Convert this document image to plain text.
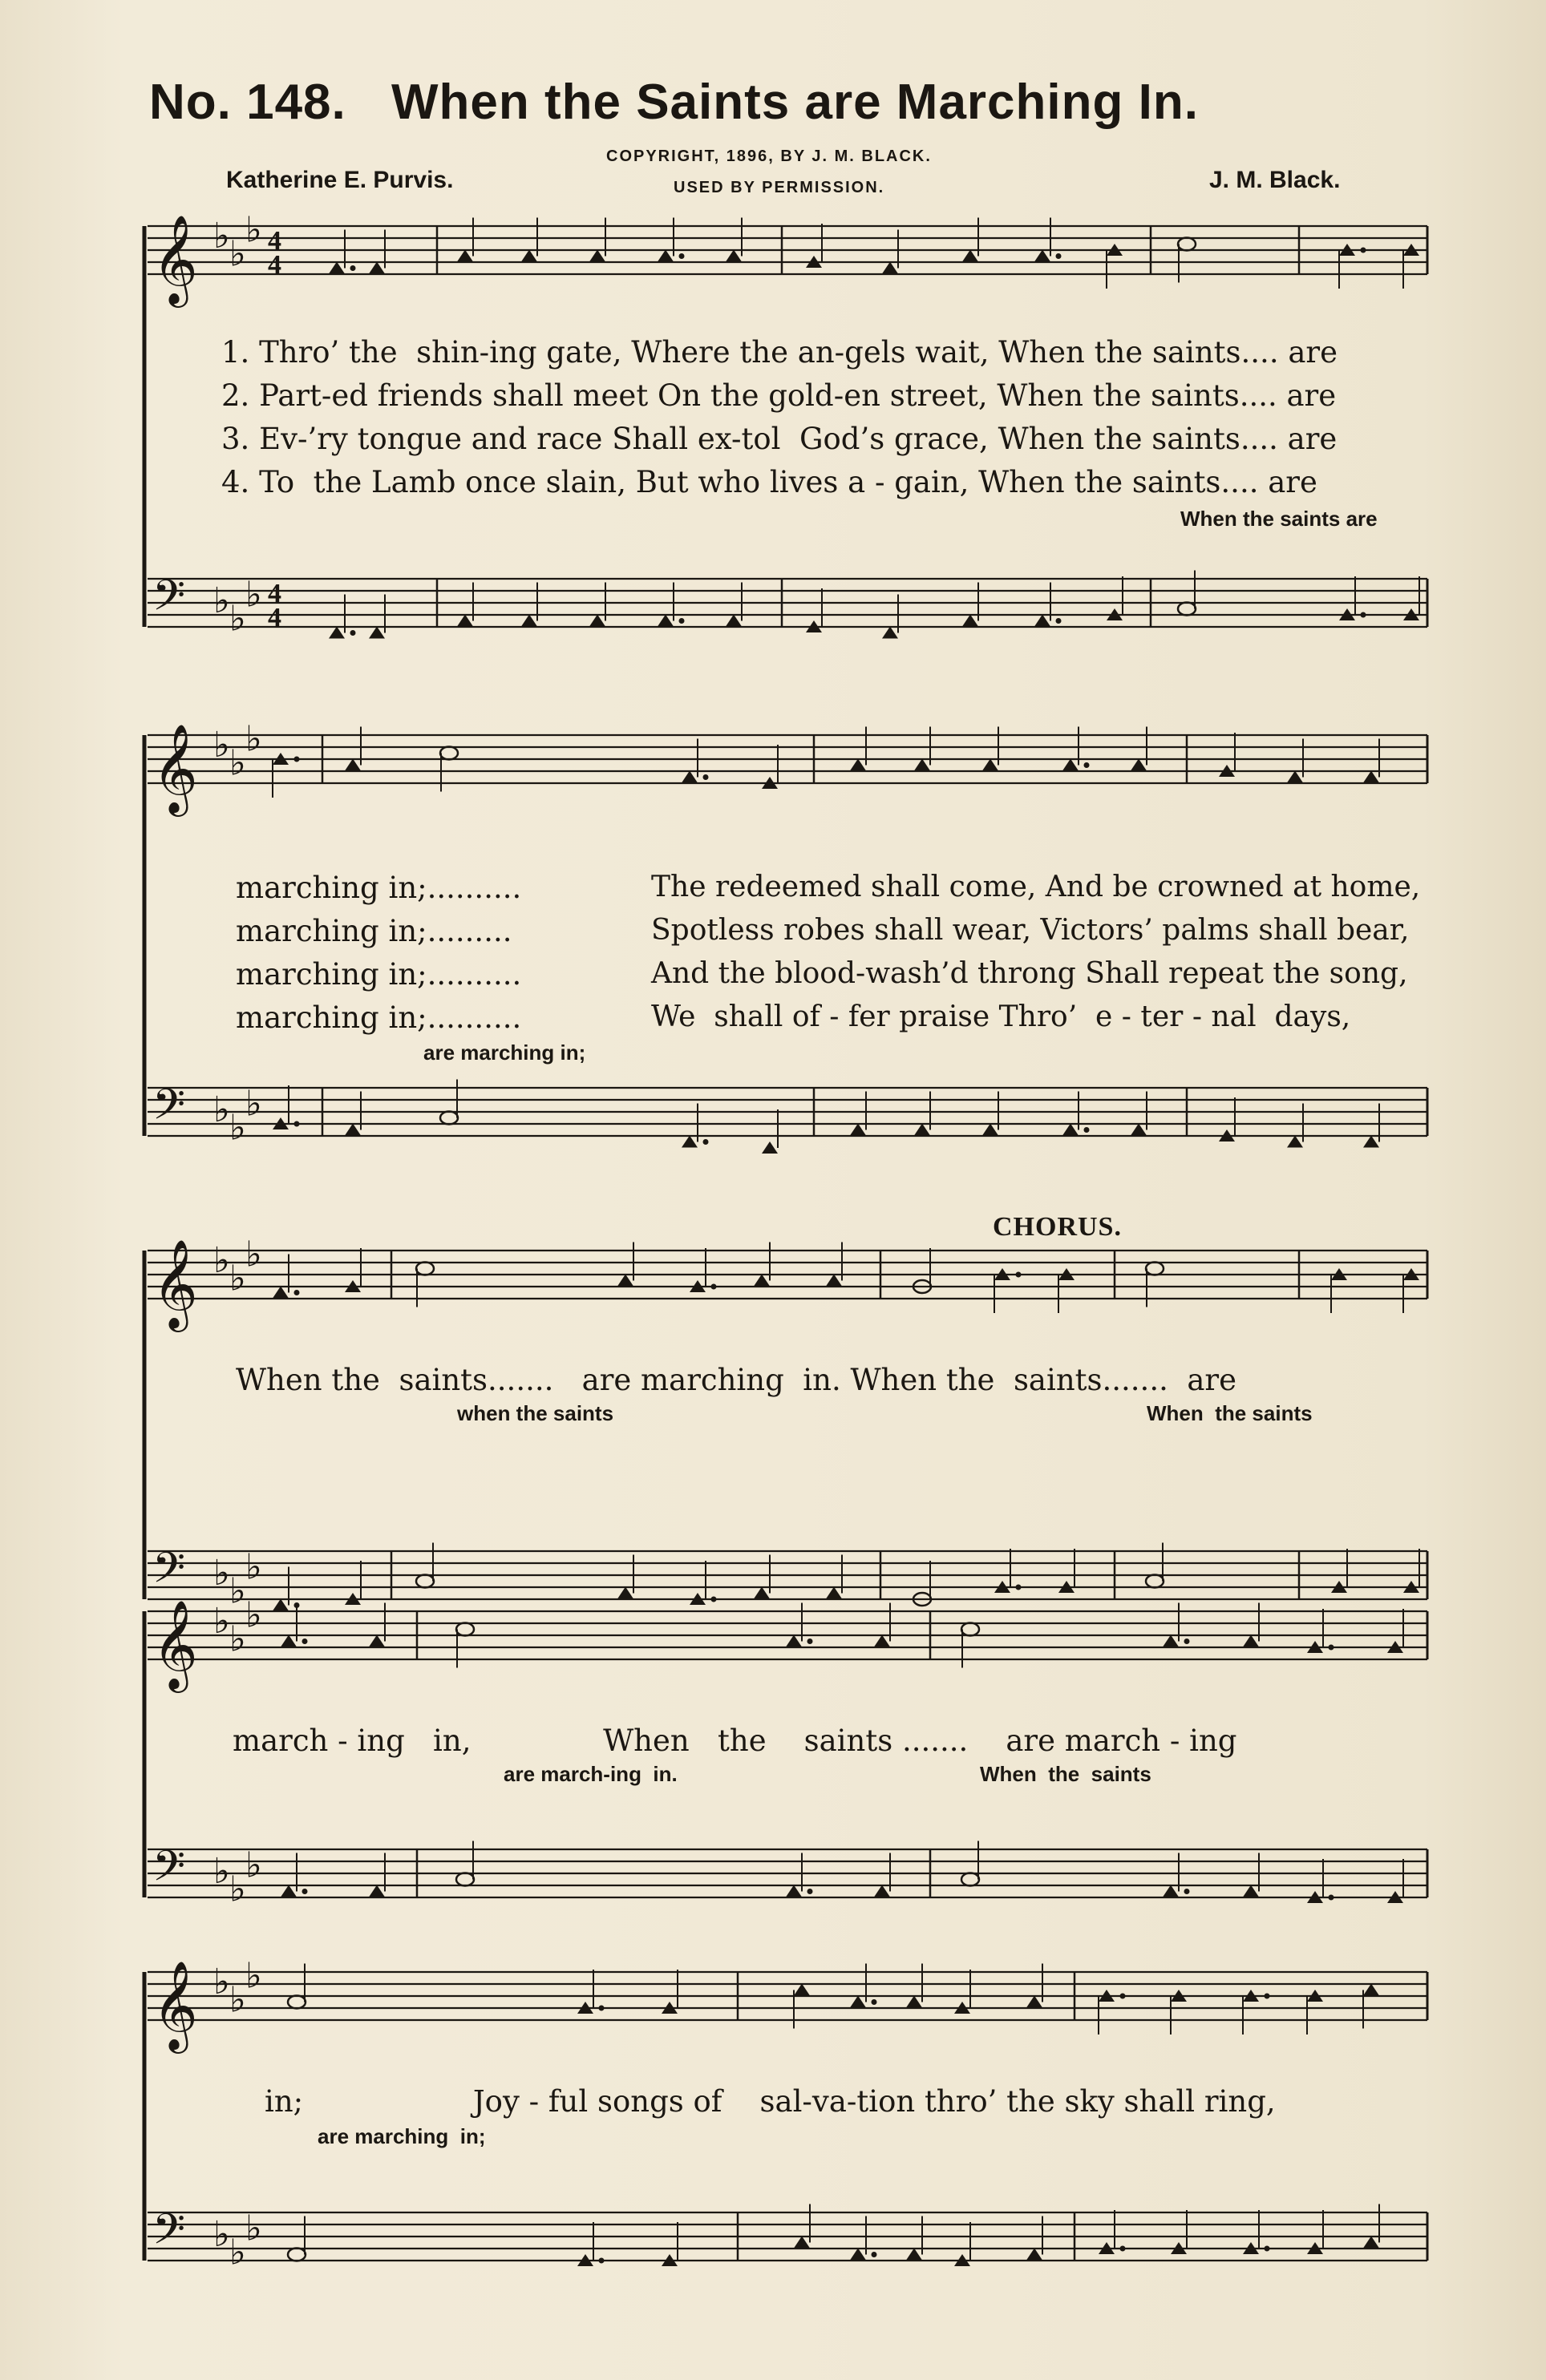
No. 148. When the Saints are Marching In.
COPYRIGHT, 1896, BY J. M. BLACK.
USED BY PERMISSION.
Katherine E. Purvis.	J. M. Black.
𝄞 ♭ ♭
♭ 4
4
𝄢 ♭ ♭
♭ 4
4
𝄞 ♭ ♭
♭
𝄢 ♭ ♭
♭
𝄞 ♭ ♭
♭
𝄢 ♭ ♭
♭
𝄞 ♭ ♭
♭
𝄢 ♭ ♭
♭
𝄞 ♭ ♭
♭
𝄢 ♭ ♭
♭
1. Thro’ the  shin-ing gate, Where the an-gels wait, When the saints.... are
2. Part-ed friends shall meet On the gold-en street, When the saints.... are
3. Ev-’ry tongue and race Shall ex-tol  God’s grace, When the saints.... are
4. To  the Lamb once slain, But who lives a - gain, When the saints.... are
When the saints are
marching in;..........
marching in;.........
marching in;..........
marching in;..........
The redeemed shall come, And be crowned at home,
Spotless robes shall wear, Victors’ palms shall bear,
And the blood-wash’d throng Shall repeat the song,
We  shall of - fer praise Thro’  e - ter - nal  days,
are marching in;
CHORUS.
When the  saints.......   are marching  in. When the  saints.......  are
when the saints	When  the saints
march - ing   in,              When   the    saints .......    are march - ing
are march-ing  in.	When  the  saints
in;                  Joy - ful songs of    sal-va-tion thro’ the sky shall ring,
are marching  in;
